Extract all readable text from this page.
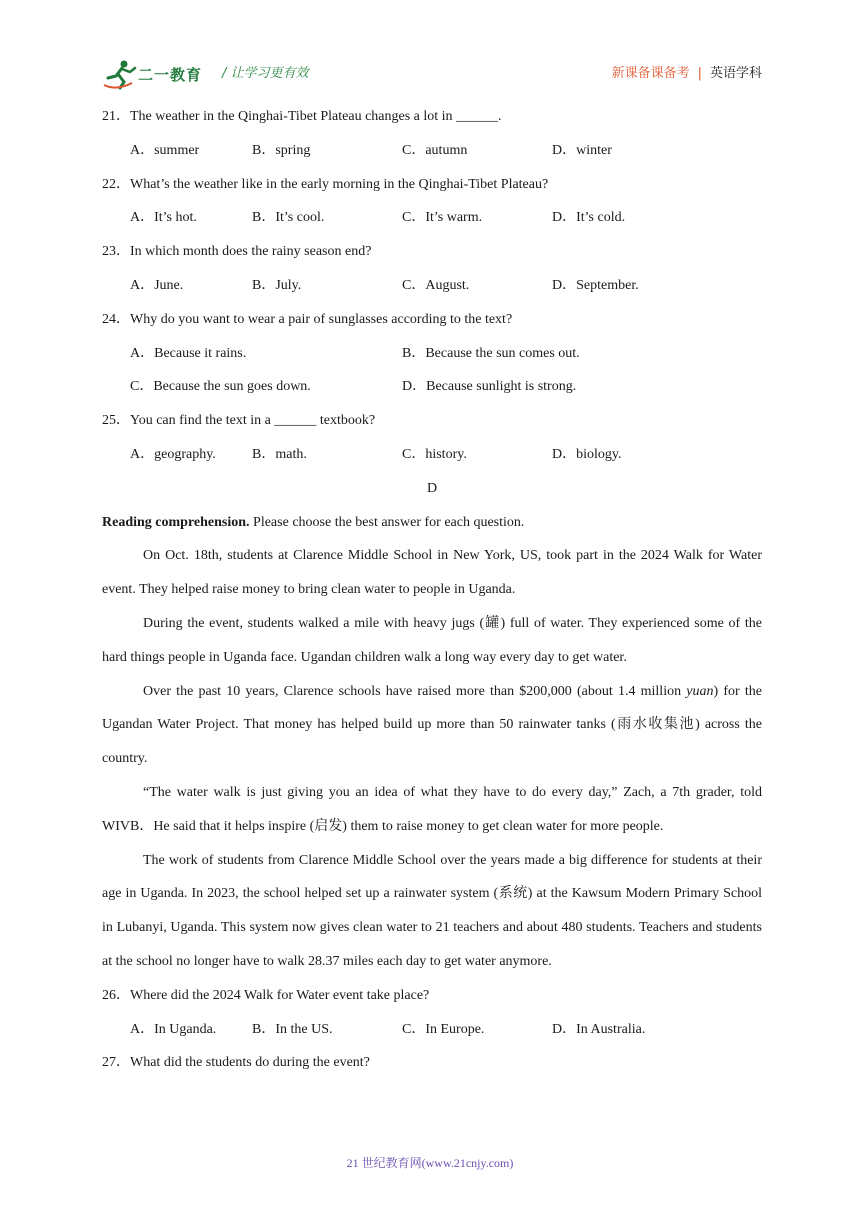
二一教育 / 让学习更有效	新课备课备考 | 英语学科
21．The weather in the Qinghai-Tibet Plateau changes a lot in ______.
A．summer	B．spring	C．autumn	D．winter
22．What’s the weather like in the early morning in the Qinghai-Tibet Plateau?
A．It’s hot.	B．It’s cool.	C．It’s warm.	D．It’s cold.
23．In which month does the rainy season end?
A．June.	B．July.	C．August.	D．September.
24．Why do you want to wear a pair of sunglasses according to the text?
A．Because it rains.	B．Because the sun comes out.
C．Because the sun goes down.	D．Because sunlight is strong.
25．You can find the text in a ______ textbook?
A．geography.	B．math.	C．history.	D．biology.
D
Reading comprehension. Please choose the best answer for each question.

On Oct. 18th, students at Clarence Middle School in New York, US, took part in the 2024 Walk for Water event. They helped raise money to bring clean water to people in Uganda.

During the event, students walked a mile with heavy jugs (罐) full of water. They experienced some of the hard things people in Uganda face. Ugandan children walk a long way every day to get water.

Over the past 10 years, Clarence schools have raised more than $200,000 (about 1.4 million yuan) for the Ugandan Water Project. That money has helped build up more than 50 rainwater tanks (雨水收集池) across the country.

“The water walk is just giving you an idea of what they have to do every day,” Zach, a 7th grader, told WIVB．He said that it helps inspire (启发) them to raise money to get clean water for more people.

The work of students from Clarence Middle School over the years made a big difference for students at their age in Uganda. In 2023, the school helped set up a rainwater system (系统) at the Kawsum Modern Primary School in Lubanyi, Uganda. This system now gives clean water to 21 teachers and about 480 students. Teachers and students at the school no longer have to walk 28.37 miles each day to get water anymore.

26．Where did the 2024 Walk for Water event take place?
A．In Uganda.	B．In the US.	C．In Europe.	D．In Australia.
27．What did the students do during the event?
21 世纪教育网(www.21cnjy.com)
